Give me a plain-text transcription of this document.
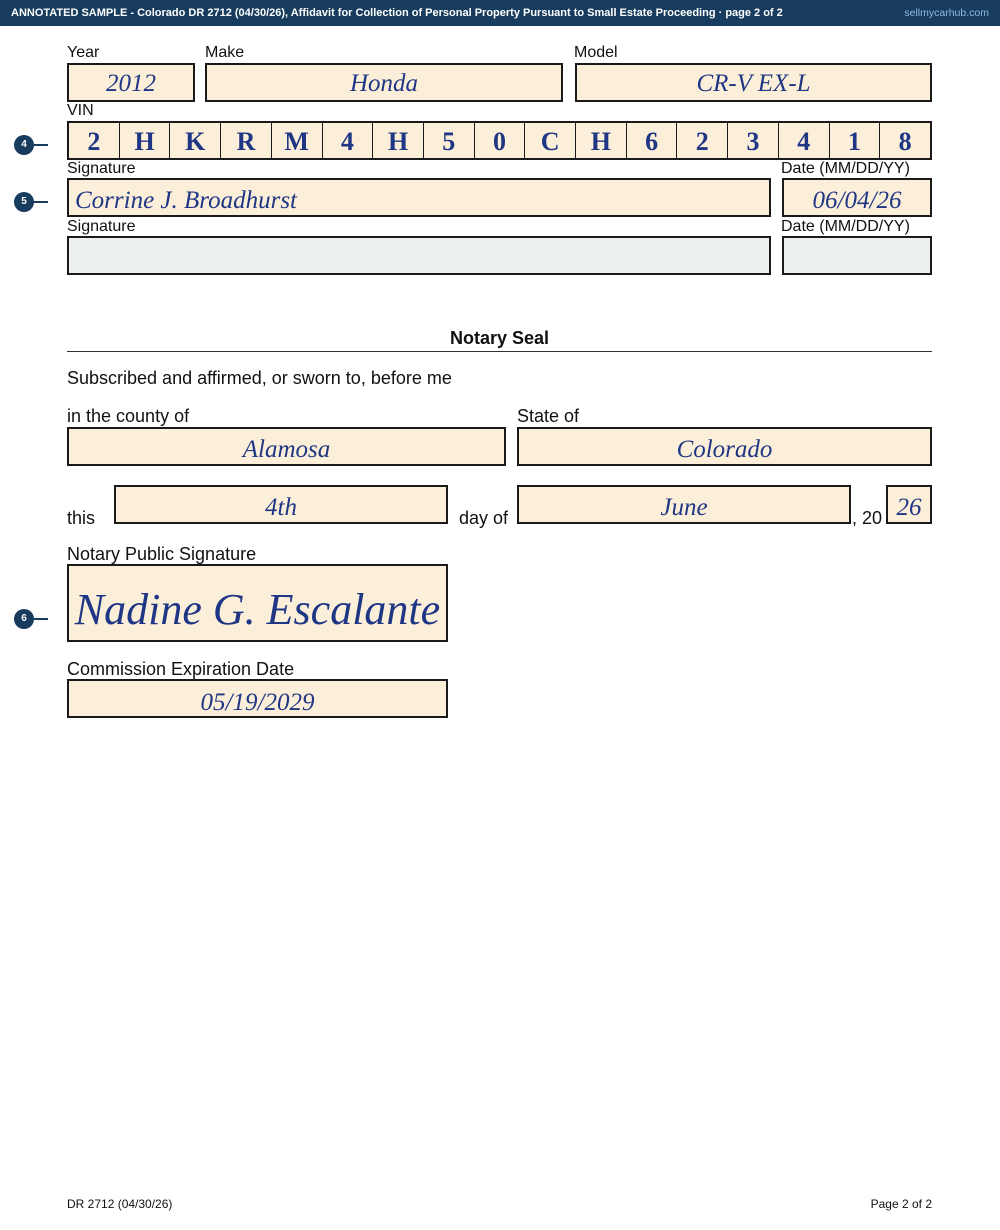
ANNOTATED SAMPLE - Colorado DR 2712 (04/30/26), Affidavit for Collection of Personal Property Pursuant to Small Estate Proceeding · page 2 of 2	sellmycarhub.com
Year
2012
Make
Honda
Model
CR-V EX-L
VIN
4	2	H	K	R	M	4	H	5	0	C	H	6	2	3	4	1	8
Signature	Date (MM/DD/YY)
5	Corrine J. Broadhurst	06/04/26
Signature	Date (MM/DD/YY)
Notary Seal
Subscribed and affirmed, or sworn to, before me
in the county of	State of
Alamosa	Colorado
this	4th	day of	June	, 20 26
Notary Public Signature
6 Nadine G. Escalante
Commission Expiration Date
05/19/2029
DR 2712 (04/30/26)	Page 2 of 2
